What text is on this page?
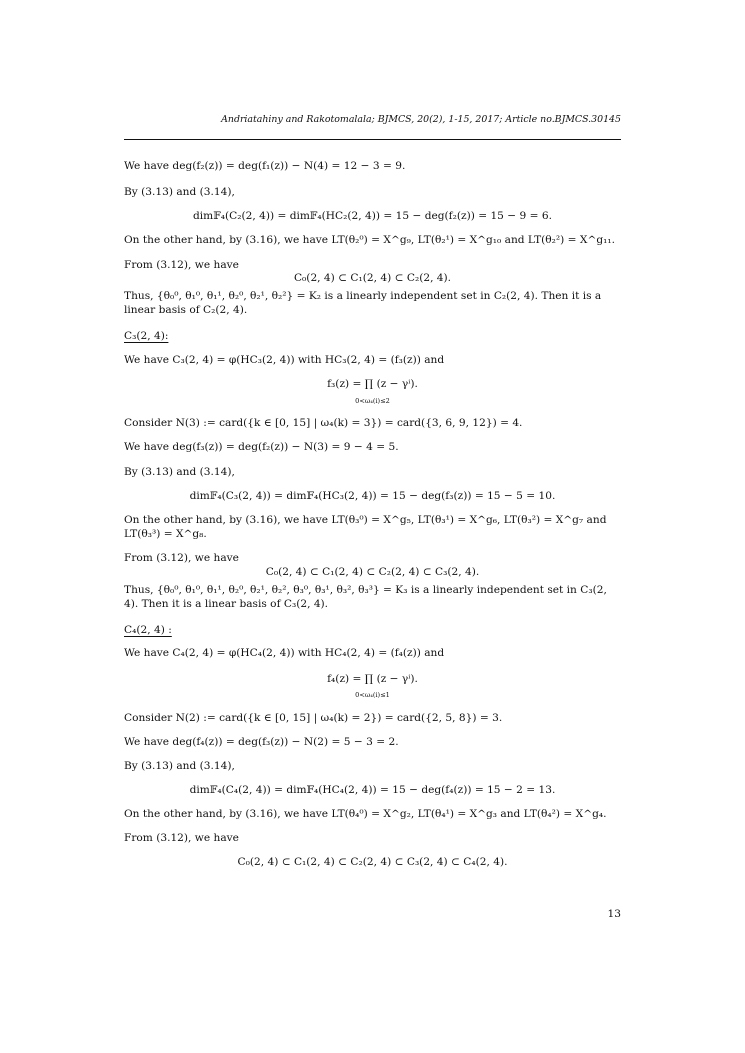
Andriatahiny and Rakotomalala; BJMCS, 20(2), 1-15, 2017; Article no.BJMCS.30145
We have deg(f₂(z)) = deg(f₁(z)) − N(4) = 12 − 3 = 9.
By (3.13) and (3.14),
dim𝔽₄(C₂(2, 4)) = dim𝔽₄(HC₂(2, 4)) = 15 − deg(f₂(z)) = 15 − 9 = 6.
On the other hand, by (3.16), we have LT(θ₂⁰) = X^g₉, LT(θ₂¹) = X^g₁₀ and LT(θ₂²) = X^g₁₁.
From (3.12), we have
C₀(2, 4) ⊂ C₁(2, 4) ⊂ C₂(2, 4).
Thus, {θ₀⁰, θ₁⁰, θ₁¹, θ₂⁰, θ₂¹, θ₂²} = K₂ is a linearly independent set in C₂(2, 4). Then it is a linear basis of C₂(2, 4).
C₃(2, 4):
We have C₃(2, 4) = φ(HC₃(2, 4)) with HC₃(2, 4) = (f₃(z)) and
f₃(z) = ∏ (z − γⁱ).
0<ω₄(i)≤2
Consider N(3) := card({k ∈ [0, 15] | ω₄(k) = 3}) = card({3, 6, 9, 12}) = 4.
We have deg(f₃(z)) = deg(f₂(z)) − N(3) = 9 − 4 = 5.
By (3.13) and (3.14),
dim𝔽₄(C₃(2, 4)) = dim𝔽₄(HC₃(2, 4)) = 15 − deg(f₃(z)) = 15 − 5 = 10.
On the other hand, by (3.16), we have LT(θ₃⁰) = X^g₅, LT(θ₃¹) = X^g₆, LT(θ₃²) = X^g₇ and LT(θ₃³) = X^g₈.
From (3.12), we have
C₀(2, 4) ⊂ C₁(2, 4) ⊂ C₂(2, 4) ⊂ C₃(2, 4).
Thus, {θ₀⁰, θ₁⁰, θ₁¹, θ₂⁰, θ₂¹, θ₂², θ₃⁰, θ₃¹, θ₃², θ₃³} = K₃ is a linearly independent set in C₃(2, 4). Then it is a linear basis of C₃(2, 4).
C₄(2, 4) :
We have C₄(2, 4) = φ(HC₄(2, 4)) with HC₄(2, 4) = (f₄(z)) and
f₄(z) = ∏ (z − γⁱ).
0<ω₄(i)≤1
Consider N(2) := card({k ∈ [0, 15] | ω₄(k) = 2}) = card({2, 5, 8}) = 3.
We have deg(f₄(z)) = deg(f₃(z)) − N(2) = 5 − 3 = 2.
By (3.13) and (3.14),
dim𝔽₄(C₄(2, 4)) = dim𝔽₄(HC₄(2, 4)) = 15 − deg(f₄(z)) = 15 − 2 = 13.
On the other hand, by (3.16), we have LT(θ₄⁰) = X^g₂, LT(θ₄¹) = X^g₃ and LT(θ₄²) = X^g₄.
From (3.12), we have
C₀(2, 4) ⊂ C₁(2, 4) ⊂ C₂(2, 4) ⊂ C₃(2, 4) ⊂ C₄(2, 4).
13
